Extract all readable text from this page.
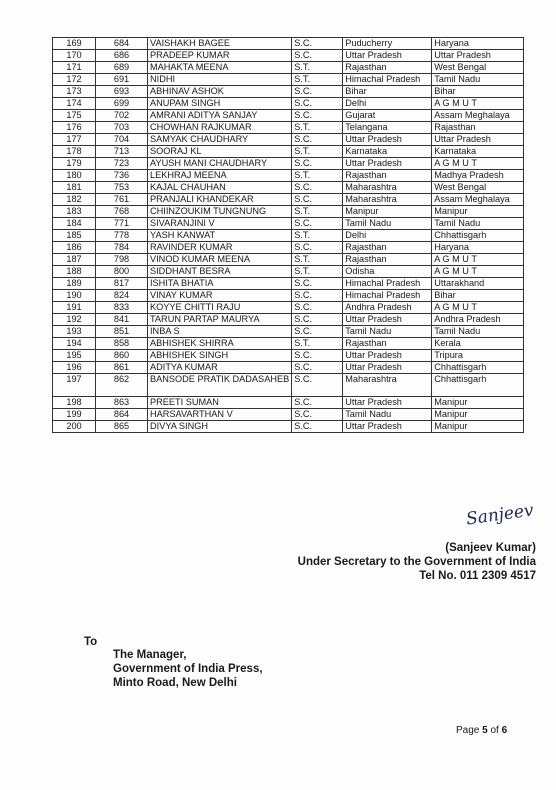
169	684	VAISHAKH BAGEE	S.C.	Puducherry	Haryana
170	686	PRADEEP KUMAR	S.C.	Uttar Pradesh	Uttar Pradesh
171	689	MAHAKTA MEENA	S.T.	Rajasthan	West Bengal
172	691	NIDHI	S.T.	Himachal Pradesh	Tamil Nadu
173	693	ABHINAV ASHOK	S.C.	Bihar	Bihar
174	699	ANUPAM SINGH	S.C.	Delhi	A G M U T
175	702	AMRANI ADITYA SANJAY	S.C.	Gujarat	Assam Meghalaya
176	703	CHOWHAN RAJKUMAR	S.T.	Telangana	Rajasthan
177	704	SAMYAK CHAUDHARY	S.C.	Uttar Pradesh	Uttar Pradesh
178	713	SOORAJ KL	S.T.	Karnataka	Karnataka
179	723	AYUSH MANI CHAUDHARY	S.C.	Uttar Pradesh	A G M U T
180	736	LEKHRAJ MEENA	S.T.	Rajasthan	Madhya Pradesh
181	753	KAJAL CHAUHAN	S.C.	Maharashtra	West Bengal
182	761	PRANJALI KHANDEKAR	S.C.	Maharashtra	Assam Meghalaya
183	768	CHIINZOUKIM TUNGNUNG	S.T.	Manipur	Manipur
184	771	SIVARANJINI V	S.C.	Tamil Nadu	Tamil Nadu
185	778	YASH KANWAT	S.T.	Delhi	Chhattisgarh
186	784	RAVINDER KUMAR	S.C.	Rajasthan	Haryana
187	798	VINOD KUMAR MEENA	S.T.	Rajasthan	A G M U T
188	800	SIDDHANT BESRA	S.T.	Odisha	A G M U T
189	817	ISHITA BHATIA	S.C.	Himachal Pradesh	Uttarakhand
190	824	VINAY KUMAR	S.C.	Himachal Pradesh	Bihar
191	833	KOYYE CHITTI RAJU	S.C.	Andhra Pradesh	A G M U T
192	841	TARUN PARTAP MAURYA	S.C.	Uttar Pradesh	Andhra Pradesh
193	851	INBA S	S.C.	Tamil Nadu	Tamil Nadu
194	858	ABHISHEK SHIRRA	S.T.	Rajasthan	Kerala
195	860	ABHISHEK SINGH	S.C.	Uttar Pradesh	Tripura
196	861	ADITYA KUMAR	S.C.	Uttar Pradesh	Chhattisgarh
197	862	BANSODE PRATIK DADASAHEB	S.C.	Maharashtra	Chhattisgarh
198	863	PREETI SUMAN	S.C.	Uttar Pradesh	Manipur
199	864	HARSAVARTHAN V	S.C.	Tamil Nadu	Manipur
200	865	DIVYA SINGH	S.C.	Uttar Pradesh	Manipur
Sanjeev
(Sanjeev Kumar)
Under Secretary to the Government of India
Tel No. 011 2309 4517
To
The Manager,
Government of India Press,
Minto Road, New Delhi
Page 5 of 6
